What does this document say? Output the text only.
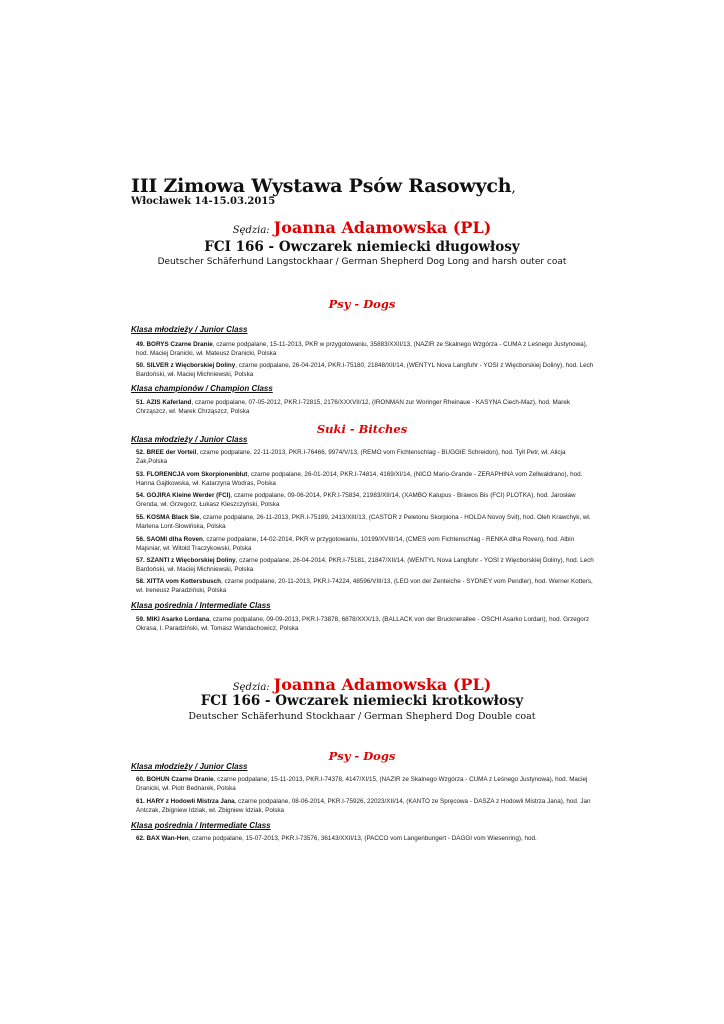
III Zimowa Wystawa Psów Rasowych,
Włocławek 14-15.03.2015
Sędzia: Joanna Adamowska (PL)
FCI 166 - Owczarek niemiecki długowłosy
Deutscher Schäferhund Langstockhaar / German Shepherd Dog Long and harsh outer coat
Psy - Dogs
Klasa młodzieży / Junior Class
49. BORYS Czarne Dranie, czarne podpalane, 15-11-2013, PKR w przygotowaniu, 35883/XXII/13, (NAZIR ze Skalnego Wzgórza - CUMA z Leśnego Justynowa), hod. Maciej Dranicki, wł. Mateusz Dranicki, Polska
50. SILVER z Więcborskiej Doliny, czarne podpalane, 26-04-2014, PKR.I-75180, 21848/XII/14, (WENTYL Nova Langfuhr - YOSI z Więcborskiej Doliny), hod. Lech Bardoński, wł. Maciej Michniewski, Polska
Klasa championów / Champion Class
51. AZIS Kaferland, czarne podpalane, 07-05-2012, PKR.I-72815, 2176/XXXVII/12, (IRONMAN zur Woringer Rheinaue - KASYNA Ciech-Maz), hod. Marek Chrząszcz, wł. Marek Chrząszcz, Polska
Suki - Bitches
Klasa młodzieży / Junior Class
52. BREE der Vorteil, czarne podpalane, 22-11-2013, PKR.I-76466, 9974/V/13, (REMO vom Fichtenschlag - BUGGIE Schreidon), hod. Tyll Petr, wł. Alicja Żak,Polska
53. FLORENCJA vom Skorpionenblut, czarne podpalane, 26-01-2014, PKR.I-74814, 4169/XI/14, (NICO Mario-Grande - ZERAPHINA vom Zellwaldrano), hod. Hanna Gajtkowska, wł. Katarzyna Wodras, Polska
54. GOJIRA Kleine Werder (FCI), czarne podpalane, 09-06-2014, PKR.I-75834, 21983/XII/14, (XAMBO Kalupus - Brawos Bis (FCI) PLOTKA), hod. Jarosław Grenda, wł. Grzegorz, Łukasz Kleszczyński, Polska
55. KOSMA Black Sie, czarne podpalane, 26-11-2013, PKR.I-75189, 2413/XIII/13, (CASTOR z Peletonu Skorpiona - HOLDA Novoy Svit), hod. Oleh Krawchyk, wł. Marlena Lont-Słowińska, Polska
56. SAOMI dlha Roven, czarne podpalane, 14-02-2014, PKR w przygotowaniu, 10199/XVIII/14, (CMES vom Fichtenschlag - RENKA dlha Roven), hod. Albin Majsniar, wł. Witold Traczykowski, Polska
57. SZANTI z Więcborskiej Doliny, czarne podpalane, 26-04-2014, PKR.I-75181, 21847/XII/14, (WENTYL Nova Langfuhr - YOSI z Więcborskiej Doliny), hod. Lech Bardoński, wł. Maciej Michniewski, Polska
58. XITTA vom Kottersbusch, czarne podpalane, 20-11-2013, PKR.I-74224, 48596/VIII/13, (LEO von der Zenteiche - SYDNEY vom Pendler), hod. Werner Kotters, wł. Ireneusz Paradziński, Polska
Klasa pośrednia / Intermediate Class
59. MIKI Asarko Lordana, czarne podpalane, 09-09-2013, PKR.I-73878, 6878/XXX/13, (BALLACK von der Brucknerallee - OSCHI Asarko Lordan), hod. Grzegorz Okrasa, I. Paradziński, wł. Tomasz Wandachowicz, Polska
Sędzia: Joanna Adamowska (PL)
FCI 166 - Owczarek niemiecki krotkowłosy
Deutscher Schäferhund Stockhaar / German Shepherd Dog Double coat
Psy - Dogs
Klasa młodzieży / Junior Class
60. BOHUN Czarne Dranie, czarne podpalane, 15-11-2013, PKR.I-74378, 4147/XI/15, (NAZIR ze Skalnego Wzgórza - CUMA z Leśnego Justynowa), hod. Maciej Dranicki, wł. Piotr Bednarek, Polska
61. HARY z Hodowli Mistrza Jana, czarne podpalane, 08-06-2014, PKR.I-75926, 22023/XII/14, (KANTO ze Spręcowa - DASZA z Hodowli Mistrza Jana), hod. Jan Antczak, Zbigniew Idziak, wł. Zbigniew Idziak, Polska
Klasa pośrednia / Intermediate Class
62. BAX Wan-Hen, czarne podpalane, 15-07-2013, PKR.I-73576, 36143/XXII/13, (PACCO vom Langenbungert - DAGGI vom Wiesenring), hod.
